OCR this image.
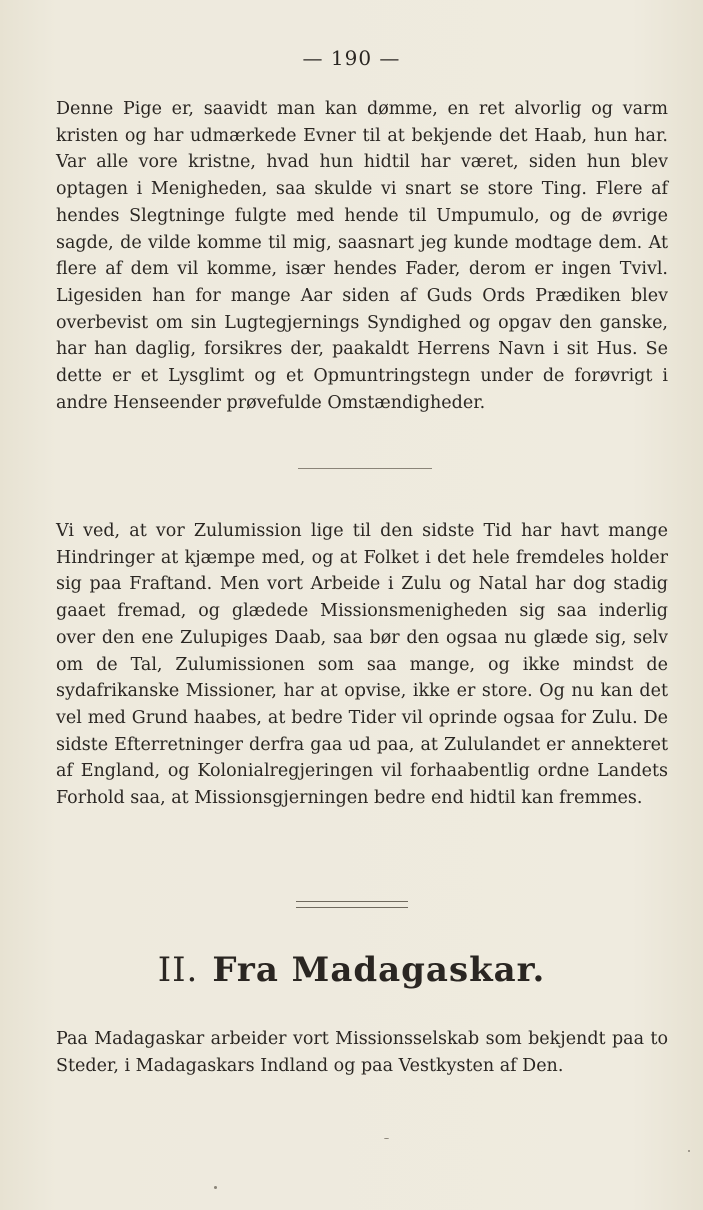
— 190 —

Denne Pige er, saavidt man kan dømme, en ret alvorlig og varm kristen og har udmærkede Evner til at bekjende det Haab, hun har. Var alle vore kristne, hvad hun hidtil har været, siden hun blev optagen i Menigheden, saa skulde vi snart se store Ting. Flere af hendes Slegtninge fulgte med hende til Umpumulo, og de øvrige sagde, de vilde komme til mig, saasnart jeg kunde modtage dem. At flere af dem vil komme, især hendes Fader, derom er ingen Tvivl. Ligesiden han for mange Aar siden af Guds Ords Prædiken blev overbevist om sin Lugtegjernings Syndighed og opgav den ganske, har han daglig, forsikres der, paakaldt Herrens Navn i sit Hus. Se dette er et Lysglimt og et Opmuntringstegn under de forøvrigt i andre Henseender prøvefulde Omstændigheder.

Vi ved, at vor Zulumission lige til den sidste Tid har havt mange Hindringer at kjæmpe med, og at Folket i det hele fremdeles holder sig paa Fraftand. Men vort Arbeide i Zulu og Natal har dog stadig gaaet fremad, og glædede Missionsmenigheden sig saa inderlig over den ene Zulupiges Daab, saa bør den ogsaa nu glæde sig, selv om de Tal, Zulumissionen som saa mange, og ikke mindst de sydafrikanske Missioner, har at opvise, ikke er store. Og nu kan det vel med Grund haabes, at bedre Tider vil oprinde ogsaa for Zulu. De sidste Efterretninger derfra gaa ud paa, at Zululandet er annekteret af England, og Kolonialregjeringen vil forhaabentlig ordne Landets Forhold saa, at Missionsgjerningen bedre end hidtil kan fremmes.

II. Fra Madagaskar.

Paa Madagaskar arbeider vort Missionsselskab som bekjendt paa to Steder, i Madagaskars Indland og paa Vestkysten af Den.
